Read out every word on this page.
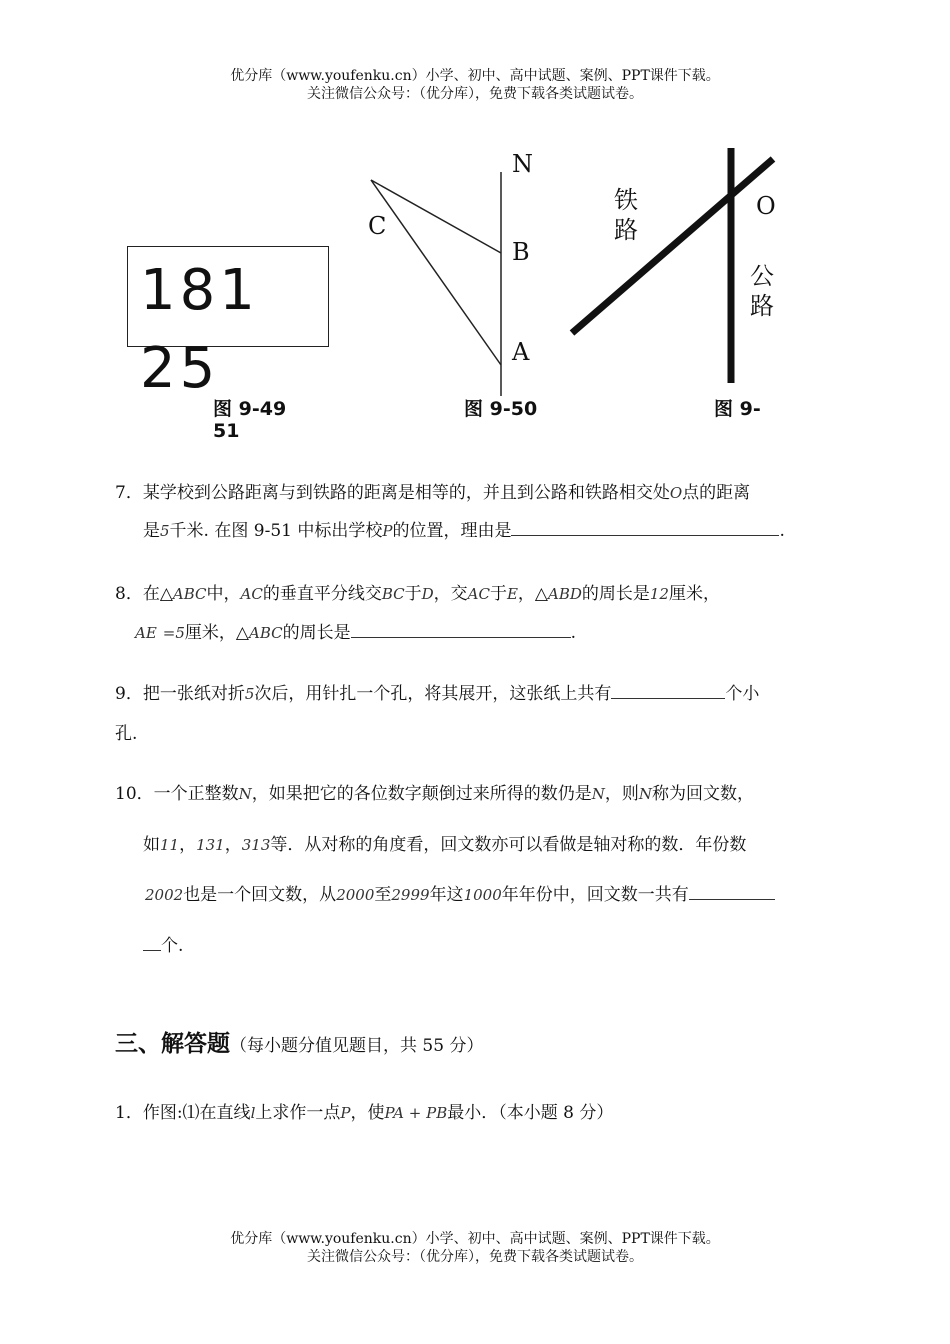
优分库（www.youfenku.cn）小学、初中、高中试题、案例、PPT课件下载。
关注微信公众号：（优分库），免费下载各类试题试卷。
18125
图 9-49
51
N
C
B
A
图 9-50
铁
路
O
公
路
图 9-
7．某学校到公路距离与到铁路的距离是相等的，并且到公路和铁路相交处O点的距离
是5千米. 在图 9-51 中标出学校P的位置，理由是	.
8．在△ABC中，AC的垂直平分线交BC于D，交AC于E，△ABD的周长是12厘米，
AE =5厘米，△ABC的周长是	.
9．把一张纸对折5次后，用针扎一个孔，将其展开，这张纸上共有	个小
孔.
10．一个正整数N，如果把它的各位数字颠倒过来所得的数仍是N，则N称为回文数，
如11，131，313等．从对称的角度看，回文数亦可以看做是轴对称的数．年份数
2002也是一个回文数，从2000至2999年这1000年年份中，回文数一共有
个.
三、解答题（每小题分值见题目，共 55 分）
1．作图:⑴在直线l上求作一点P，使PA + PB最小．（本小题 8 分）
优分库（www.youfenku.cn）小学、初中、高中试题、案例、PPT课件下载。
关注微信公众号：（优分库），免费下载各类试题试卷。
